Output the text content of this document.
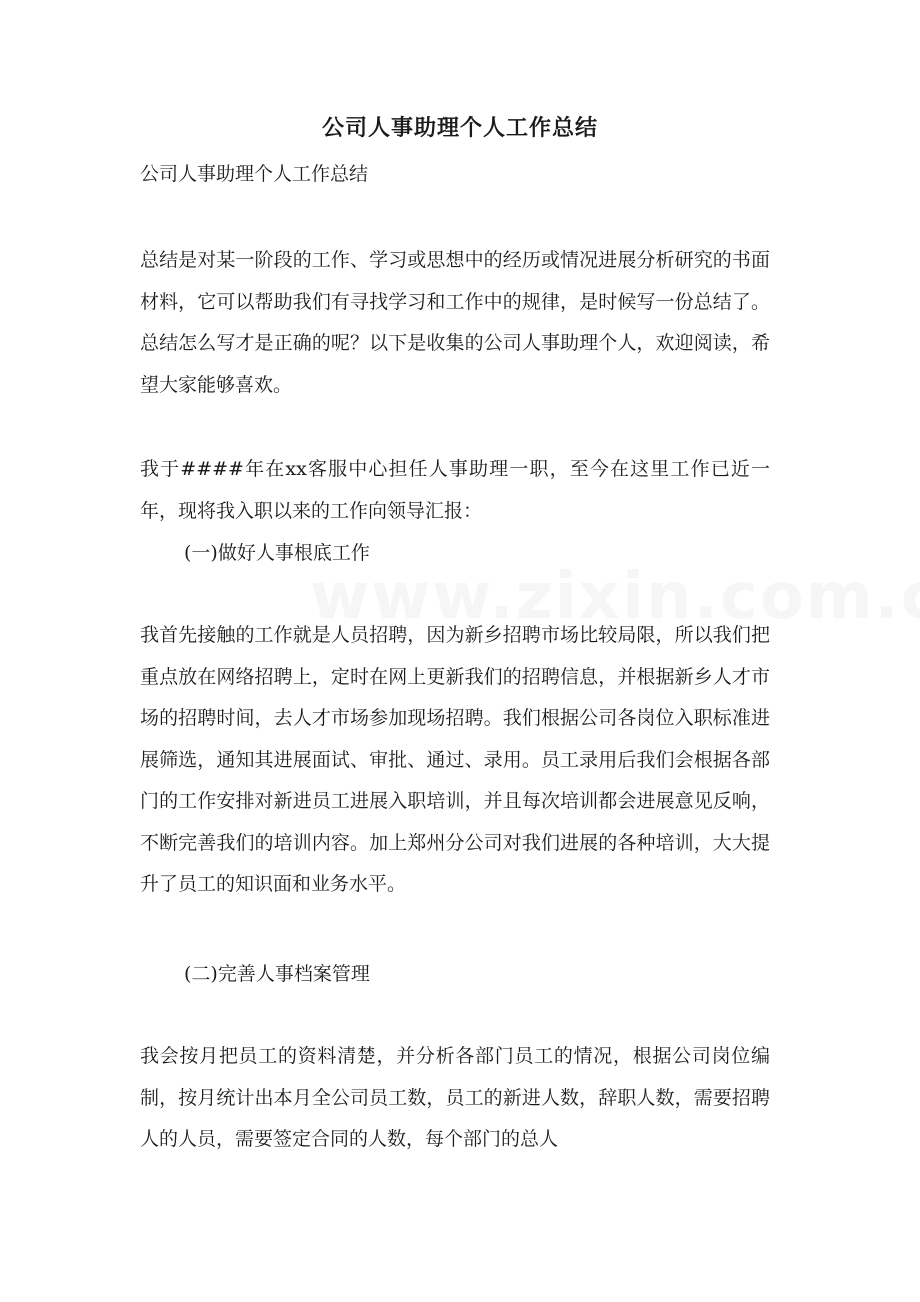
公司人事助理个人工作总结
公司人事助理个人工作总结
总结是对某一阶段的工作、学习或思想中的经历或情况进展分析研究的书面材料，它可以帮助我们有寻找学习和工作中的规律，是时候写一份总结了。总结怎么写才是正确的呢？以下是收集的公司人事助理个人，欢迎阅读，希望大家能够喜欢。
我于####年在xx客服中心担任人事助理一职，至今在这里工作已近一年，现将我入职以来的工作向领导汇报：
(一)做好人事根底工作
我首先接触的工作就是人员招聘，因为新乡招聘市场比较局限，所以我们把重点放在网络招聘上，定时在网上更新我们的招聘信息，并根据新乡人才市场的招聘时间，去人才市场参加现场招聘。我们根据公司各岗位入职标准进展筛选，通知其进展面试、审批、通过、录用。员工录用后我们会根据各部门的工作安排对新进员工进展入职培训，并且每次培训都会进展意见反响，不断完善我们的培训内容。加上郑州分公司对我们进展的各种培训，大大提升了员工的知识面和业务水平。
(二)完善人事档案管理
我会按月把员工的资料清楚，并分析各部门员工的情况，根据公司岗位编制，按月统计出本月全公司员工数，员工的新进人数，辞职人数，需要招聘人的人员，需要签定合同的人数，每个部门的总人
